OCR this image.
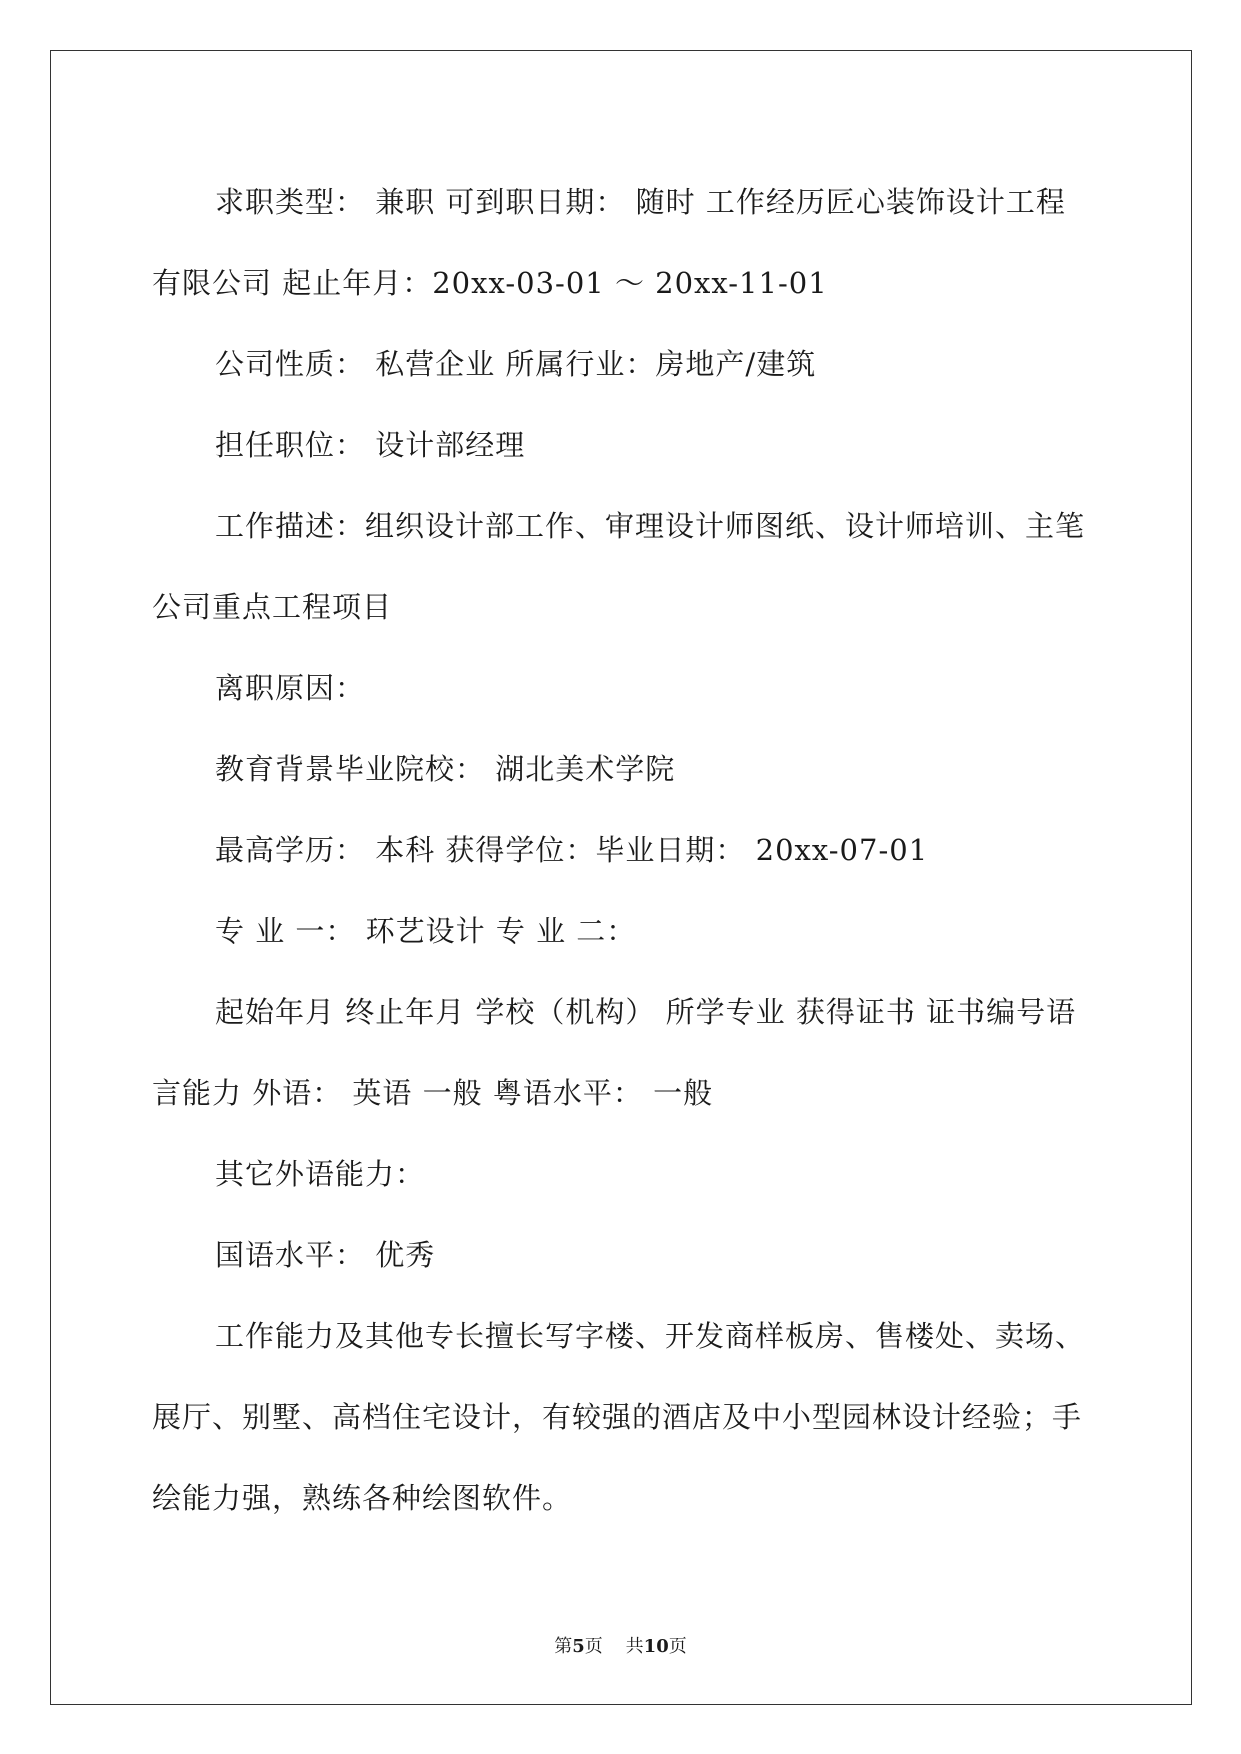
求职类型： 兼职 可到职日期： 随时 工作经历匠心装饰设计工程有限公司 起止年月：20xx-03-01 ～ 20xx-11-01

公司性质： 私营企业 所属行业：房地产/建筑

担任职位： 设计部经理

工作描述：组织设计部工作、审理设计师图纸、设计师培训、主笔公司重点工程项目

离职原因：

教育背景毕业院校： 湖北美术学院

最高学历： 本科 获得学位：毕业日期： 20xx-07-01

专 业 一： 环艺设计 专 业 二：

起始年月 终止年月 学校（机构） 所学专业 获得证书 证书编号语言能力 外语： 英语 一般 粤语水平： 一般

其它外语能力：

国语水平： 优秀

工作能力及其他专长擅长写字楼、开发商样板房、售楼处、卖场、展厅、别墅、高档住宅设计，有较强的酒店及中小型园林设计经验；手绘能力强，熟练各种绘图软件。

第5页 共10页
